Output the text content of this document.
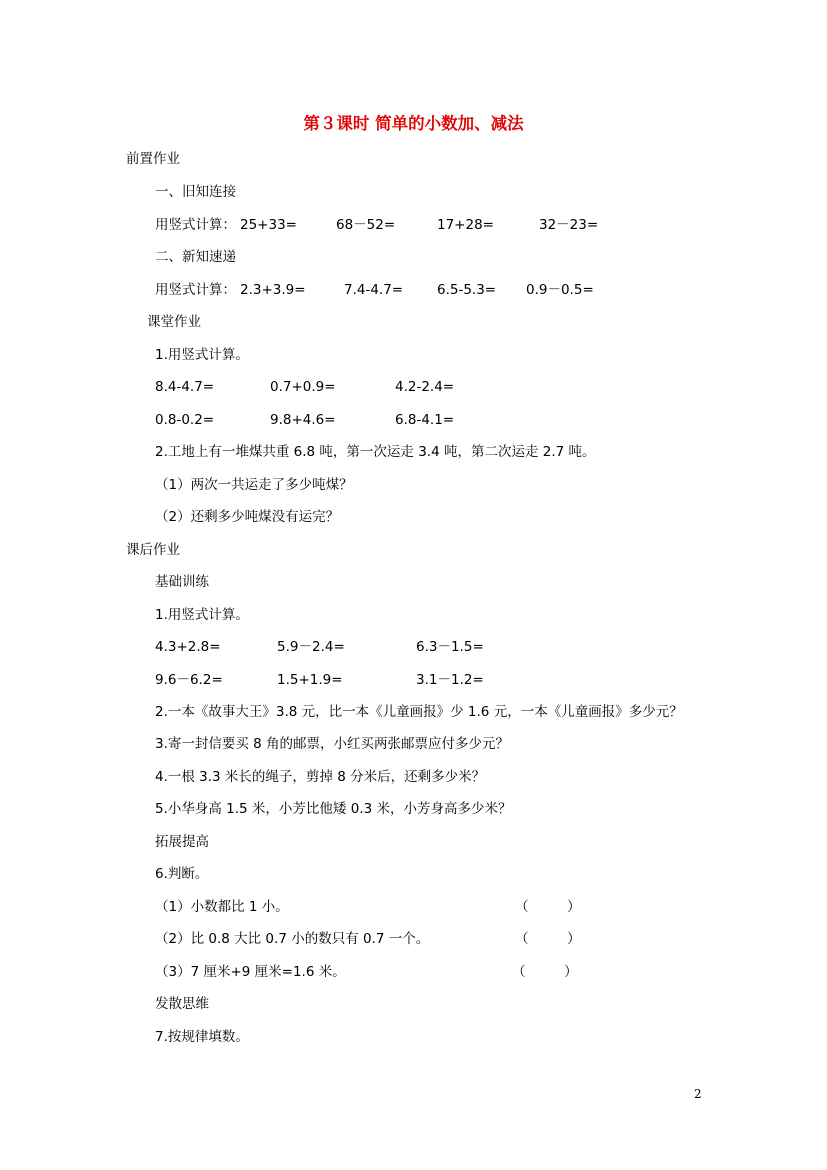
第３课时 简单的小数加、减法
前置作业
一、旧知连接
用竖式计算： 25+33=	68－52=	17+28=	32－23=
二、新知速递
用竖式计算： 2.3+3.9=	7.4-4.7=	6.5-5.3= 0.9－0.5=
课堂作业
1.用竖式计算。
8.4-4.7=	0.7+0.9=	4.2-2.4=
0.8-0.2=	9.8+4.6=	6.8-4.1=
2.工地上有一堆煤共重 6.8 吨，第一次运走 3.4 吨，第二次运走 2.7 吨。
（1）两次一共运走了多少吨煤？
（2）还剩多少吨煤没有运完？
课后作业
基础训练
1.用竖式计算。
4.3+2.8=	5.9－2.4=	6.3－1.5=
9.6－6.2=	1.5+1.9=	3.1－1.2=
2.一本《故事大王》3.8 元，比一本《儿童画报》少 1.6 元，一本《儿童画报》多少元？
3.寄一封信要买 8 角的邮票，小红买两张邮票应付多少元？
4.一根 3.3 米长的绳子，剪掉 8 分米后，还剩多少米？
5.小华身高 1.5 米，小芳比他矮 0.3 米，小芳身高多少米？
拓展提高
6.判断。
（1）小数都比 1 小。	（         ）
（2）比 0.8 大比 0.7 小的数只有 0.7 一个。	（         ）
（3）7 厘米+9 厘米=1.6 米。	（         ）
发散思维
7.按规律填数。
2
